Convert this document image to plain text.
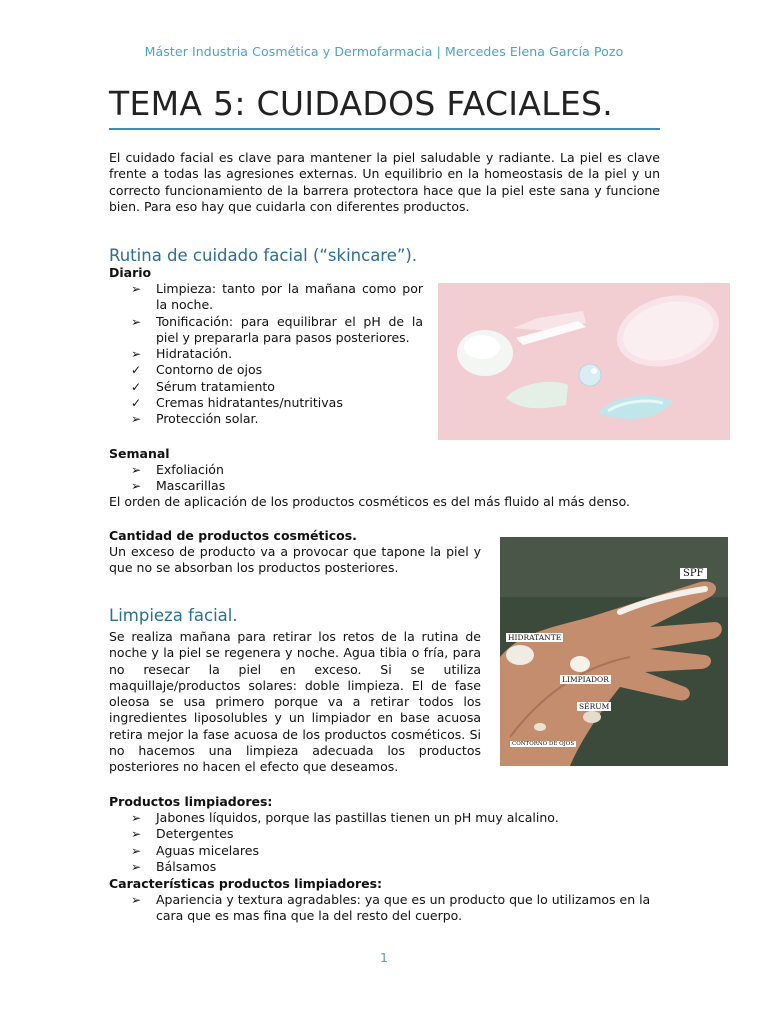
Máster Industria Cosmética y Dermofarmacia | Mercedes Elena García Pozo
TEMA 5: CUIDADOS FACIALES.
El cuidado facial es clave para mantener la piel saludable y radiante. La piel es clave frente a todas las agresiones externas. Un equilibrio en la homeostasis de la piel y un correcto funcionamiento de la barrera protectora hace que la piel este sana y funcione bien. Para eso hay que cuidarla con diferentes productos.
Rutina de cuidado facial (“skincare”).
Diario
➢	Limpieza: tanto por la mañana como por la noche.
➢	Tonificación: para equilibrar el pH de la piel y prepararla para pasos posteriores.
➢	Hidratación.
✓	Contorno de ojos
✓	Sérum tratamiento
✓	Cremas hidratantes/nutritivas
➢	Protección solar.
Semanal
➢	Exfoliación
➢	Mascarillas
El orden de aplicación de los productos cosméticos es del más fluido al más denso.
Cantidad de productos cosméticos.
Un exceso de producto va a provocar que tapone la piel y que no se absorban los productos posteriores.
Limpieza facial.
Se realiza mañana para retirar los retos de la rutina de noche y la piel se regenera y noche. Agua tibia o fría, para no resecar la piel en exceso. Si se utiliza maquillaje/productos solares: doble limpieza. El de fase oleosa se usa primero porque va a retirar todos los ingredientes liposolubles y un limpiador en base acuosa retira mejor la fase acuosa de los productos cosméticos. Si no hacemos una limpieza adecuada los productos posteriores no hacen el efecto que deseamos.
SPF
HIDRATANTE
LIMPIADOR
SÉRUM
CONTORNO DE OJOS
Productos limpiadores:
➢	Jabones líquidos, porque las pastillas tienen un pH muy alcalino.
➢	Detergentes
➢	Aguas micelares
➢	Bálsamos
Características productos limpiadores:
➢	Apariencia y textura agradables: ya que es un producto que lo utilizamos en la cara que es mas fina que la del resto del cuerpo.
1
